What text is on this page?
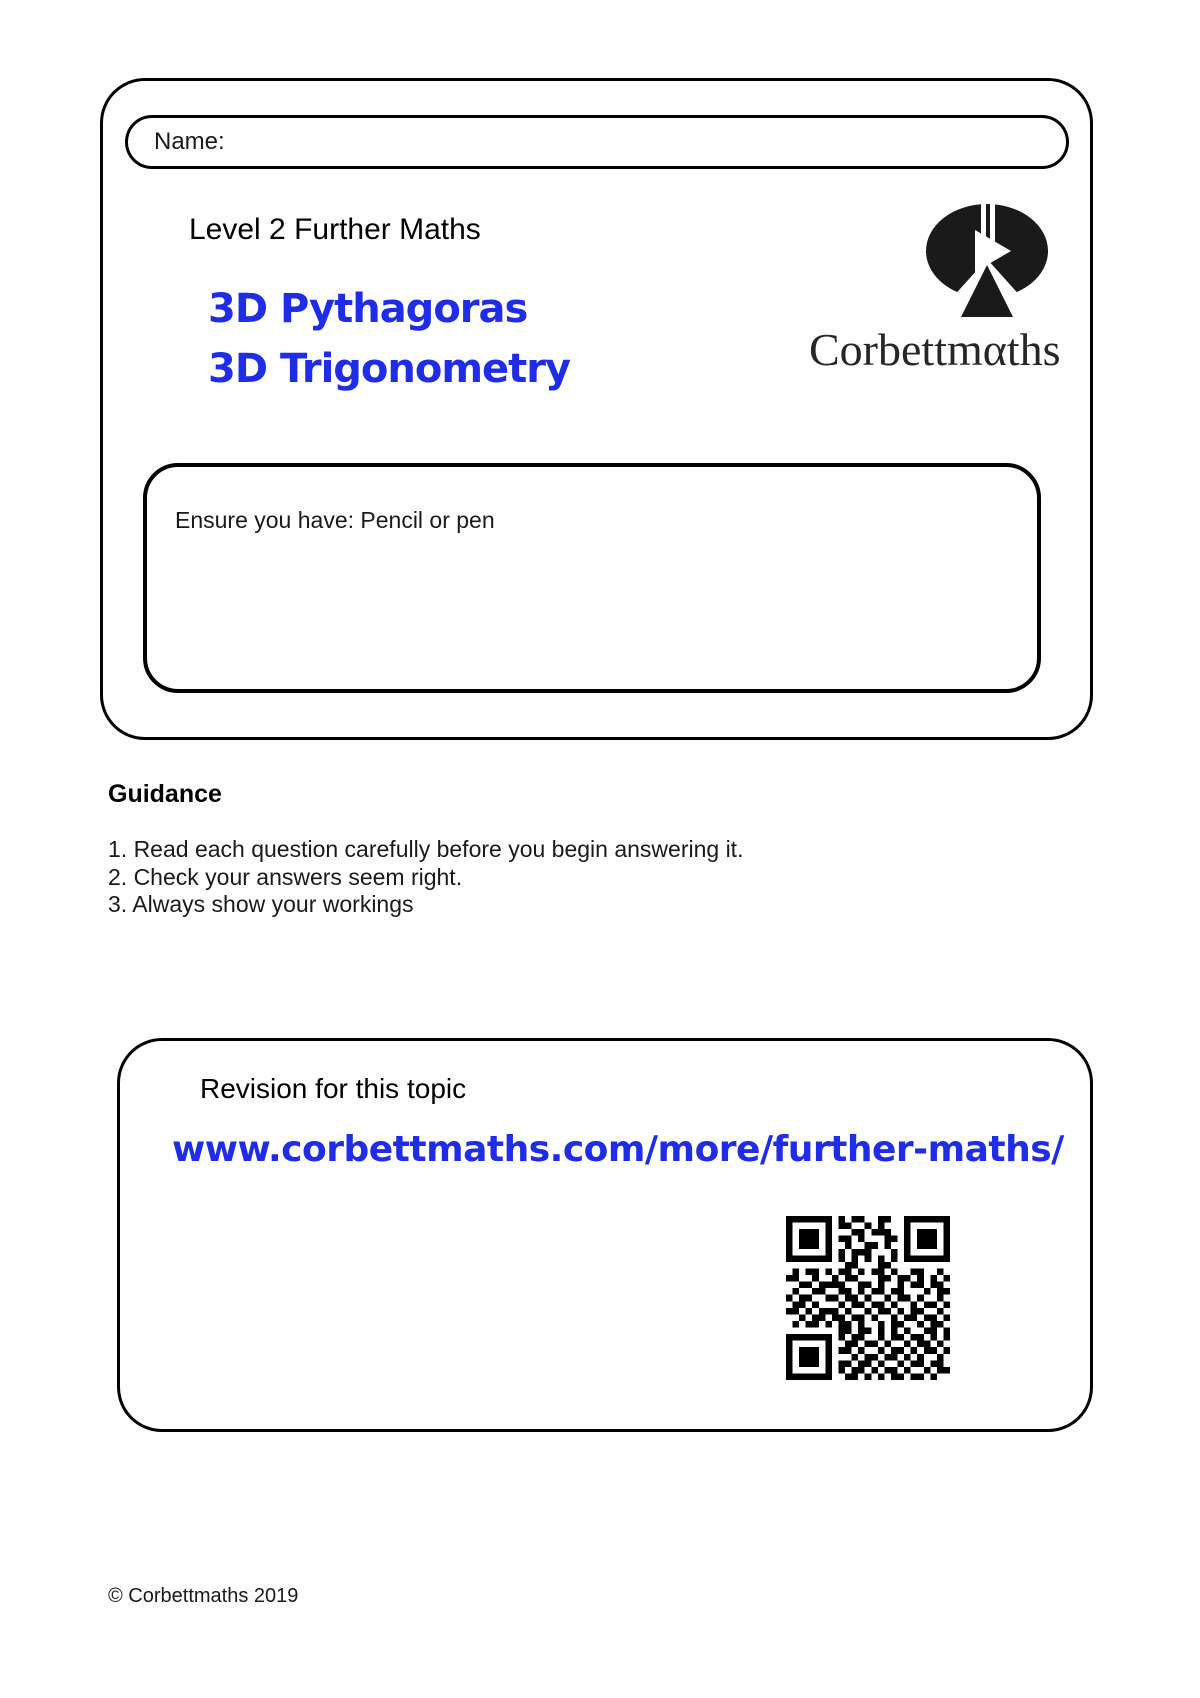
Name:
Level 2 Further Maths
3D Pythagoras
3D Trigonometry	Corbettmαths
Ensure you have: Pencil or pen
Guidance
1. Read each question carefully before you begin answering it.
2. Check your answers seem right.
3. Always show your workings
Revision for this topic
www.corbettmaths.com/more/further-maths/
© Corbettmaths 2019
